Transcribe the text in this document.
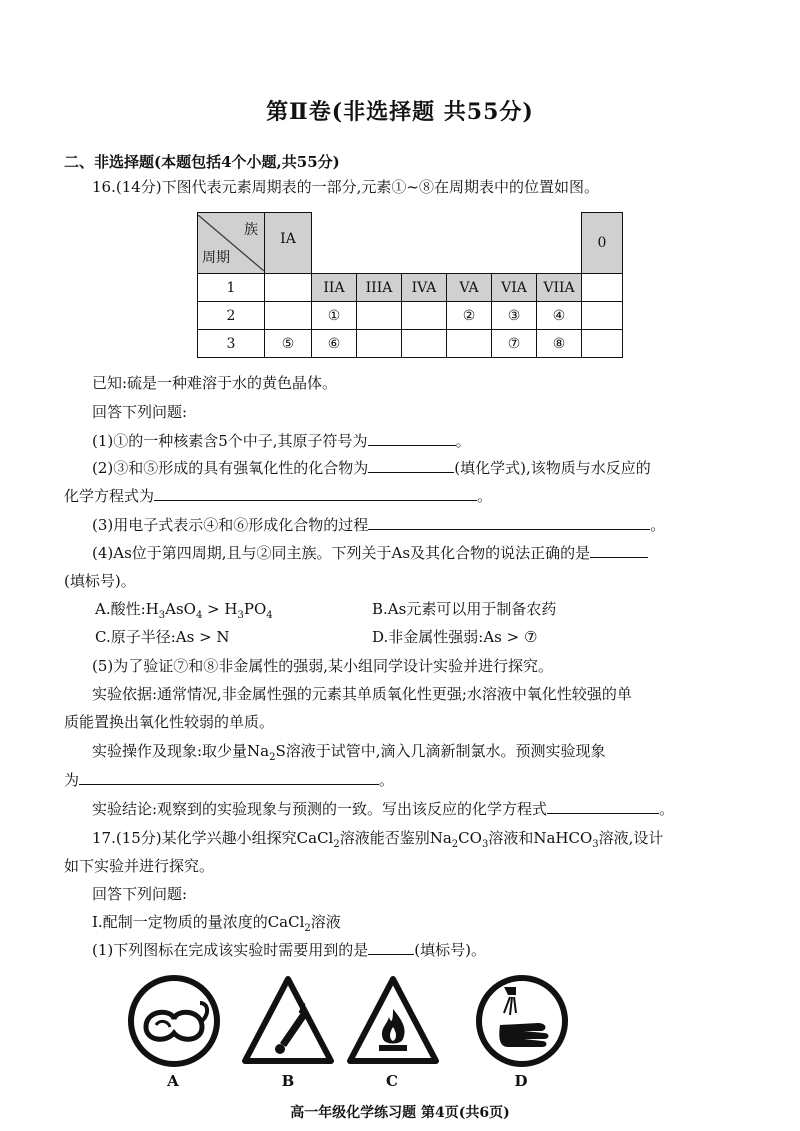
第Ⅱ卷(非选择题 共55分)
二、非选择题(本题包括4个小题,共55分)
16.(14分)下图代表元素周期表的一部分,元素①~⑧在周期表中的位置如图。
族
周期	IA							0

1		IIA	IIIA	IVA	VA	VIA	VIIA	
2		①			②	③	④	
3	⑤	⑥				⑦	⑧	
已知:硫是一种难溶于水的黄色晶体。
回答下列问题:
(1)①的一种核素含5个中子,其原子符号为	。
(2)③和⑤形成的具有强氧化性的化合物为	(填化学式),该物质与水反应的
化学方程式为	。
(3)用电子式表示④和⑥形成化合物的过程	。
(4)As位于第四周期,且与②同主族。下列关于As及其化合物的说法正确的是
(填标号)。
A.酸性$:H_3AsO_4 > H_3PO_4$	B.As元素可以用于制备农药
C.原子半径:As > N	D.非金属性强弱:As > ⑦
(5)为了验证⑦和⑧非金属性的强弱,某小组同学设计实验并进行探究。
实验依据:通常情况,非金属性强的元素其单质氧化性更强;水溶液中氧化性较强的单
质能置换出氧化性较弱的单质。
实验操作及现象:取少量$Na_2S$溶液于试管中,滴入几滴新制氯水。预测实验现象
为	。
实验结论:观察到的实验现象与预测的一致。写出该反应的化学方程式	。
17.(15分)某化学兴趣小组探究CaCl$_2$溶液能否鉴别$Na_2CO_3$溶液和NaHCO$_3$溶液,设计
如下实验并进行探究。
回答下列问题:
Ⅰ.配制一定物质的量浓度的CaCl$_2$溶液
(1)下列图标在完成该实验时需要用到的是	(填标号)。
A	B	C	D
高一年级化学练习题 第4页(共6页)
